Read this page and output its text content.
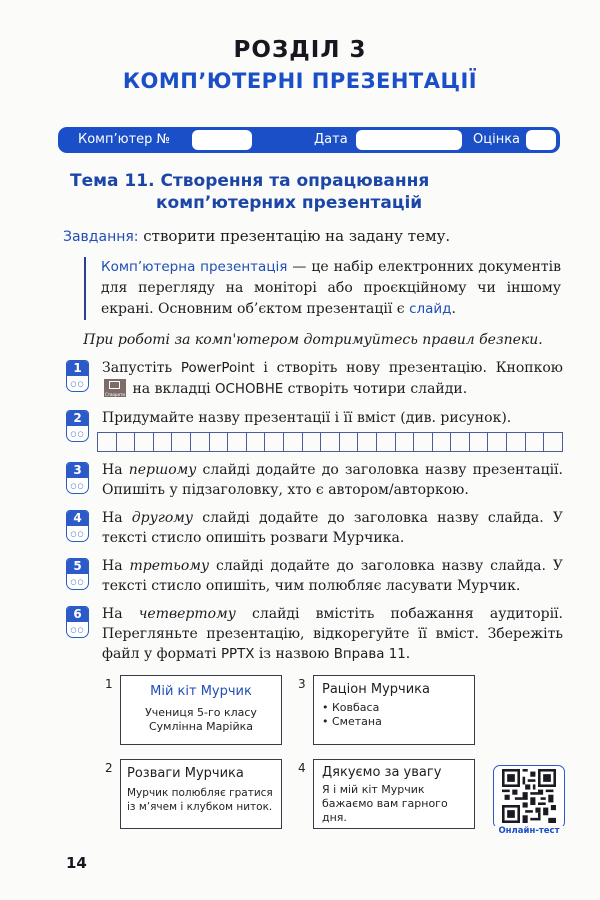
РОЗДІЛ 3
КОМП’ЮТЕРНІ ПРЕЗЕНТАЦІЇ
Комп’ютер №	Дата	Оцінка
Тема 11. Створення та опрацювання
комп’ютерних презентацій
Завдання: створити презентацію на задану тему.
Комп’ютерна презентація — це набір електронних документів для перегляду на моніторі або проєкційному чи іншому екрані. Основним об’єктом презентації є слайд.
При роботі за комп'ютером дотримуйтесь правил безпеки.
1
○○
Запустіть PowerPoint і створіть нову презентацію. Кнопкою
Створити на вкладці ОСНОВНЕ створіть чотири слайди.
2
○○
Придумайте назву презентації і її вміст (див. рисунок).
3
○○
На першому слайді додайте до заголовка назву презентації. Опишіть у підзаголовку, хто є автором/авторкою.
4
○○
На другому слайді додайте до заголовка назву слайда. У тексті стисло опишіть розваги Мурчика.
5
○○
На третьому слайді додайте до заголовка назву слайда. У тексті стисло опишіть, чим полюбляє ласувати Мурчик.
6
○○
На четвертому слайді вмістіть побажання аудиторії. Перегляньте презентацію, відкорегуйте її вміст. Збережіть файл у форматі PPTX із назвою Вправа 11.
1	Мій кіт Мурчик
Учениця 5-го класу
Сумлінна Марійка
3 Раціон Мурчика
• Ковбаса
• Сметана
2 Розваги Мурчика
Мурчик полюбляє гратися
із м’ячем і клубком ниток.
4 Дякуємо за увагу
Я і мій кіт Мурчик
бажаємо вам гарного
дня.
Онлайн-тест
14
